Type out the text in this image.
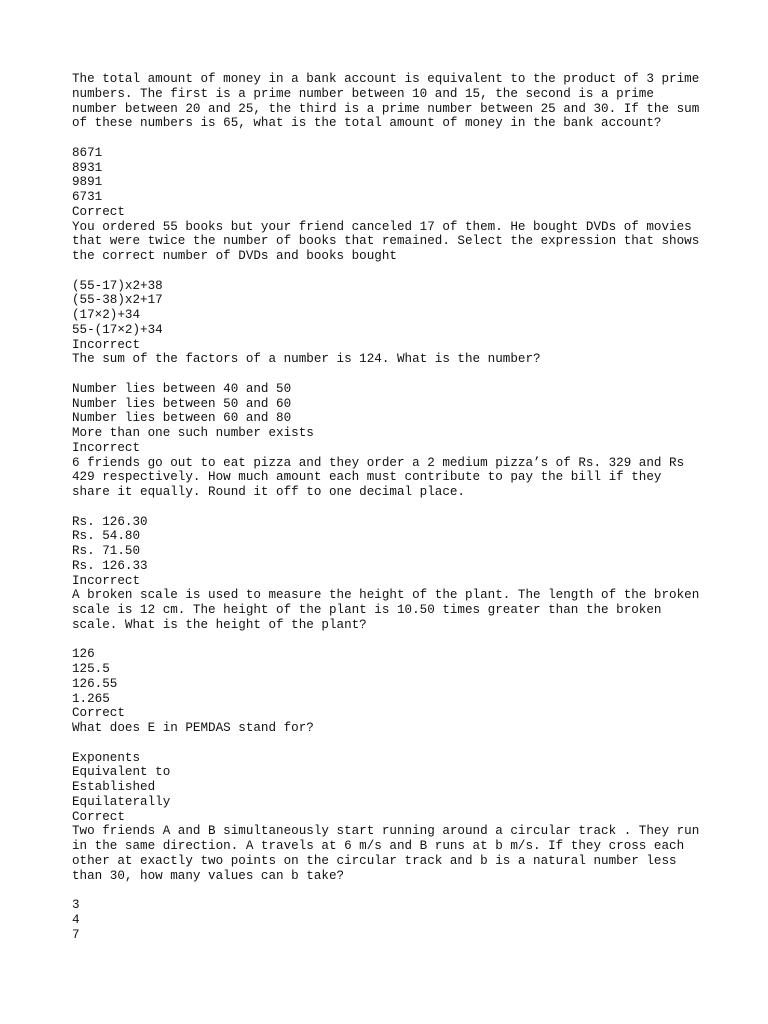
The total amount of money in a bank account is equivalent to the product of 3 prime
numbers. The first is a prime number between 10 and 15, the second is a prime
number between 20 and 25, the third is a prime number between 25 and 30. If the sum
of these numbers is 65, what is the total amount of money in the bank account?
8671
8931
9891
6731
Correct
You ordered 55 books but your friend canceled 17 of them. He bought DVDs of movies
that were twice the number of books that remained. Select the expression that shows
the correct number of DVDs and books bought
(55-17)x2+38
(55-38)x2+17
(17×2)+34
55-(17×2)+34
Incorrect
The sum of the factors of a number is 124. What is the number?
Number lies between 40 and 50
Number lies between 50 and 60
Number lies between 60 and 80
More than one such number exists
Incorrect
6 friends go out to eat pizza and they order a 2 medium pizza’s of Rs. 329 and Rs
429 respectively. How much amount each must contribute to pay the bill if they
share it equally. Round it off to one decimal place.
Rs. 126.30
Rs. 54.80
Rs. 71.50
Rs. 126.33
Incorrect
A broken scale is used to measure the height of the plant. The length of the broken
scale is 12 cm. The height of the plant is 10.50 times greater than the broken
scale. What is the height of the plant?
126
125.5
126.55
1.265
Correct
What does E in PEMDAS stand for?
Exponents
Equivalent to
Established
Equilaterally
Correct
Two friends A and B simultaneously start running around a circular track . They run
in the same direction. A travels at 6 m/s and B runs at b m/s. If they cross each
other at exactly two points on the circular track and b is a natural number less
than 30, how many values can b take?
3
4
7
